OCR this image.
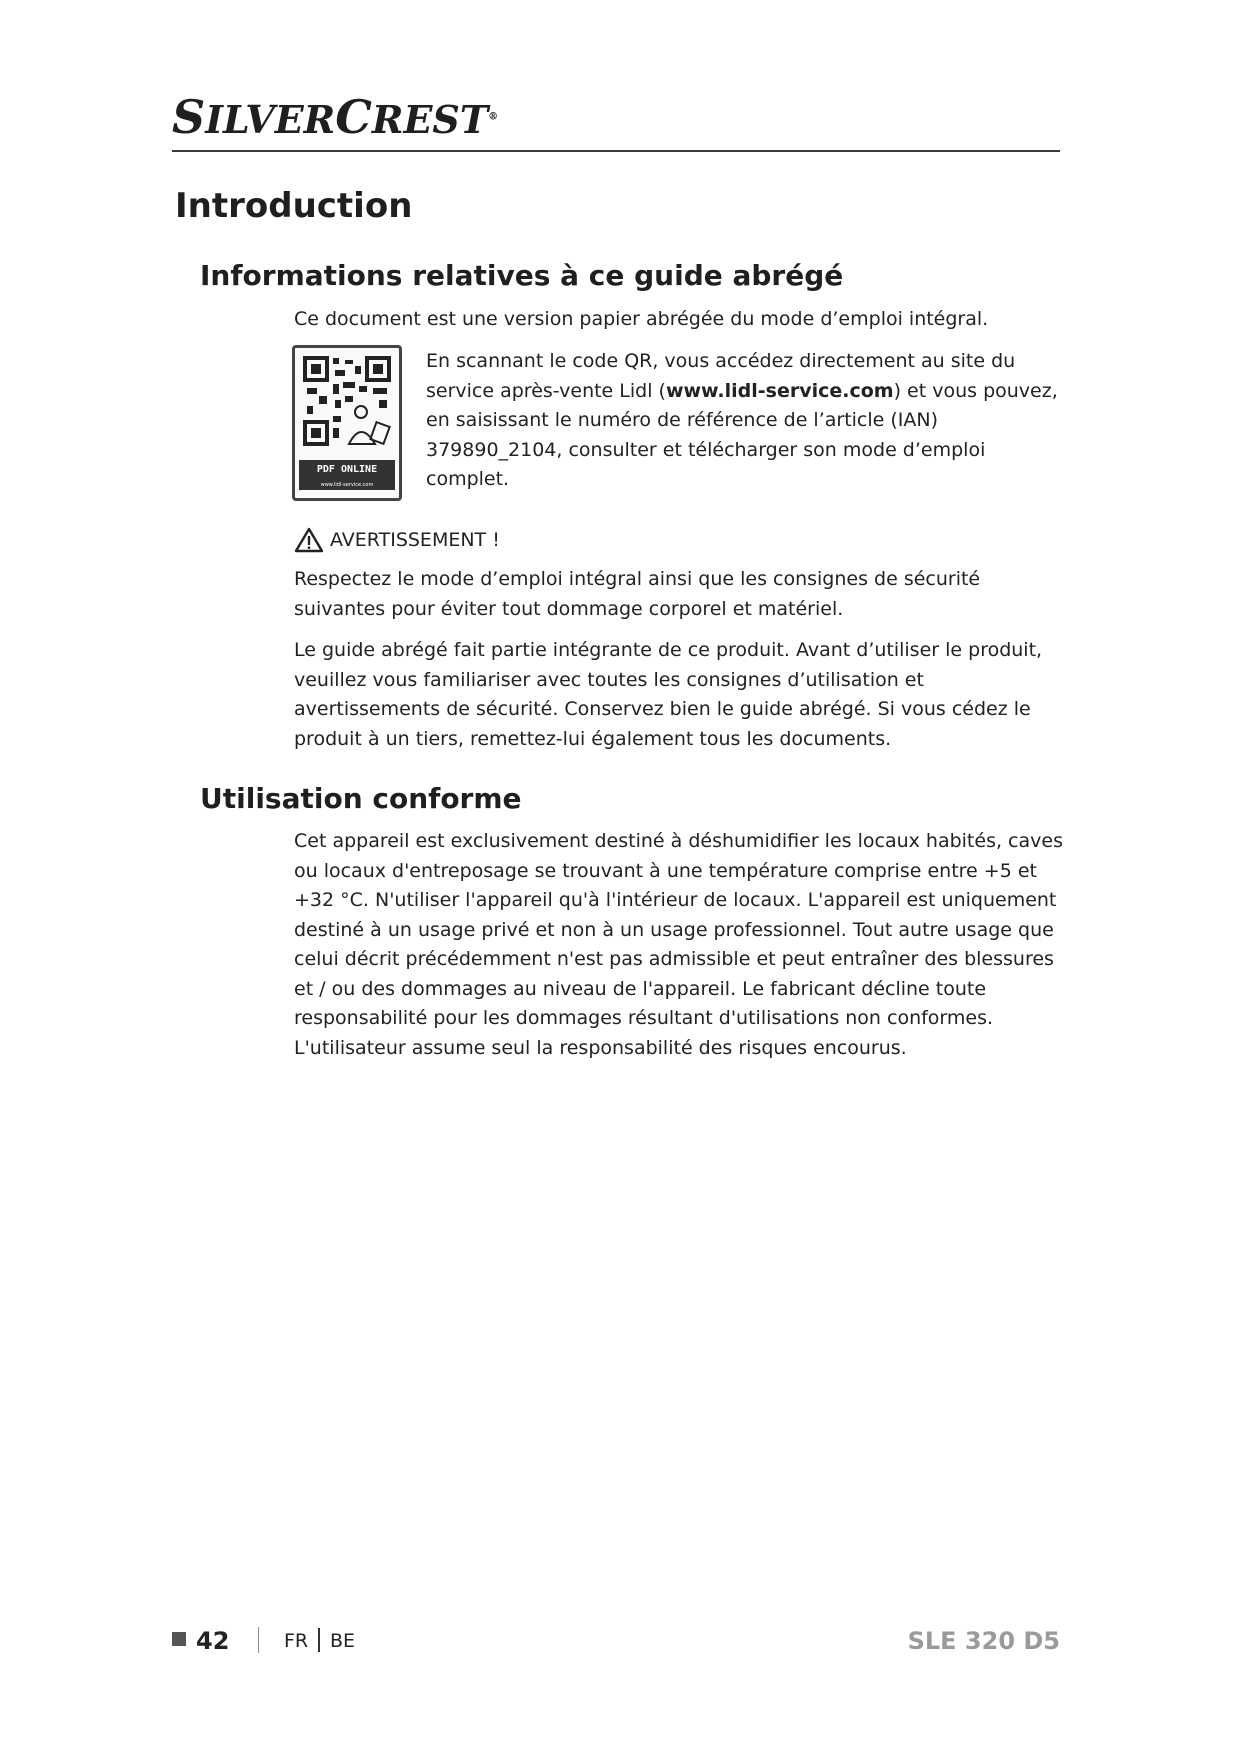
SILVERCREST®
Introduction
Informations relatives à ce guide abrégé

Ce document est une version papier abrégée du mode d’emploi intégral.

PDF ONLINE
www.lidl-service.com

En scannant le code QR, vous accédez directement au site du service après-vente Lidl (www.lidl-service.com) et vous pouvez, en saisissant le numéro de référence de l’article (IAN) 379890_2104, consulter et télécharger son mode d’emploi complet.

AVERTISSEMENT !

Respectez le mode d’emploi intégral ainsi que les consignes de sécurité suivantes pour éviter tout dommage corporel et matériel.

Le guide abrégé fait partie intégrante de ce produit. Avant d’utiliser le produit, veuillez vous familiariser avec toutes les consignes d’utilisation et avertissements de sécurité. Conservez bien le guide abrégé. Si vous cédez le produit à un tiers, remettez-lui également tous les documents.

Utilisation conforme

Cet appareil est exclusivement destiné à déshumidifier les locaux habités, caves ou locaux d'entreposage se trouvant à une température comprise entre +5 et +32 °C. N'utiliser l'appareil qu'à l'intérieur de locaux. L'appareil est uniquement destiné à un usage privé et non à un usage professionnel. Tout autre usage que celui décrit précédemment n'est pas admissible et peut entraîner des blessures et / ou des dommages au niveau de l'appareil. Le fabricant décline toute responsabilité pour les dommages résultant d'utilisations non conformes. L'utilisateur assume seul la responsabilité des risques encourus.

42	FR BE	SLE 320 D5
